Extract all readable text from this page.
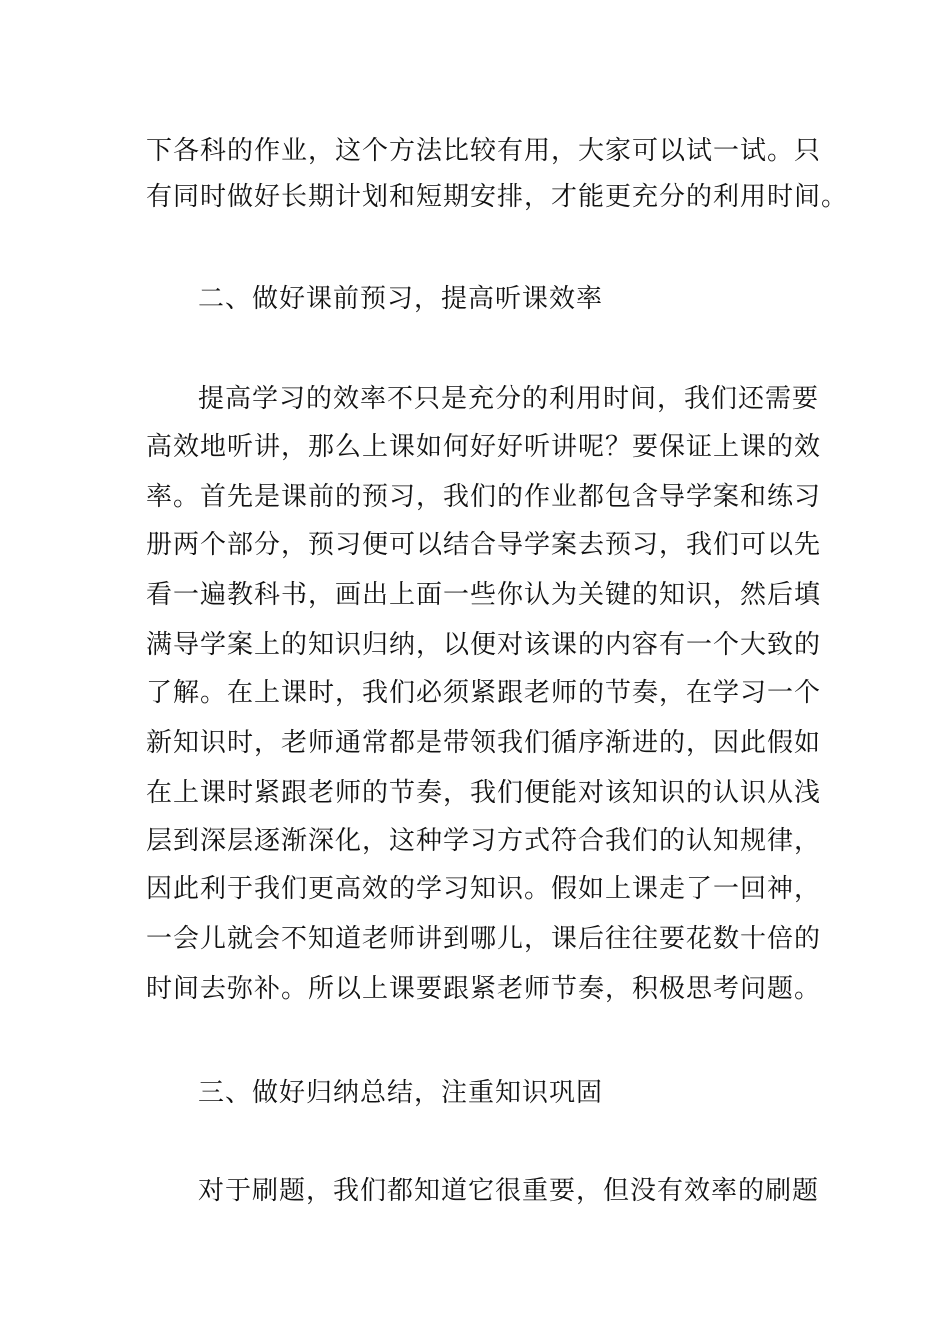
下各科的作业，这个方法比较有用，大家可以试一试。只
有同时做好长期计划和短期安排，才能更充分的利用时间。
二、做好课前预习，提高听课效率
提高学习的效率不只是充分的利用时间，我们还需要
高效地听讲，那么上课如何好好听讲呢？要保证上课的效
率。首先是课前的预习，我们的作业都包含导学案和练习
册两个部分，预习便可以结合导学案去预习，我们可以先
看一遍教科书，画出上面一些你认为关键的知识，然后填
满导学案上的知识归纳，以便对该课的内容有一个大致的
了解。在上课时，我们必须紧跟老师的节奏，在学习一个
新知识时，老师通常都是带领我们循序渐进的，因此假如
在上课时紧跟老师的节奏，我们便能对该知识的认识从浅
层到深层逐渐深化，这种学习方式符合我们的认知规律，
因此利于我们更高效的学习知识。假如上课走了一回神，
一会儿就会不知道老师讲到哪儿，课后往往要花数十倍的
时间去弥补。所以上课要跟紧老师节奏，积极思考问题。
三、做好归纳总结，注重知识巩固
对于刷题，我们都知道它很重要，但没有效率的刷题
